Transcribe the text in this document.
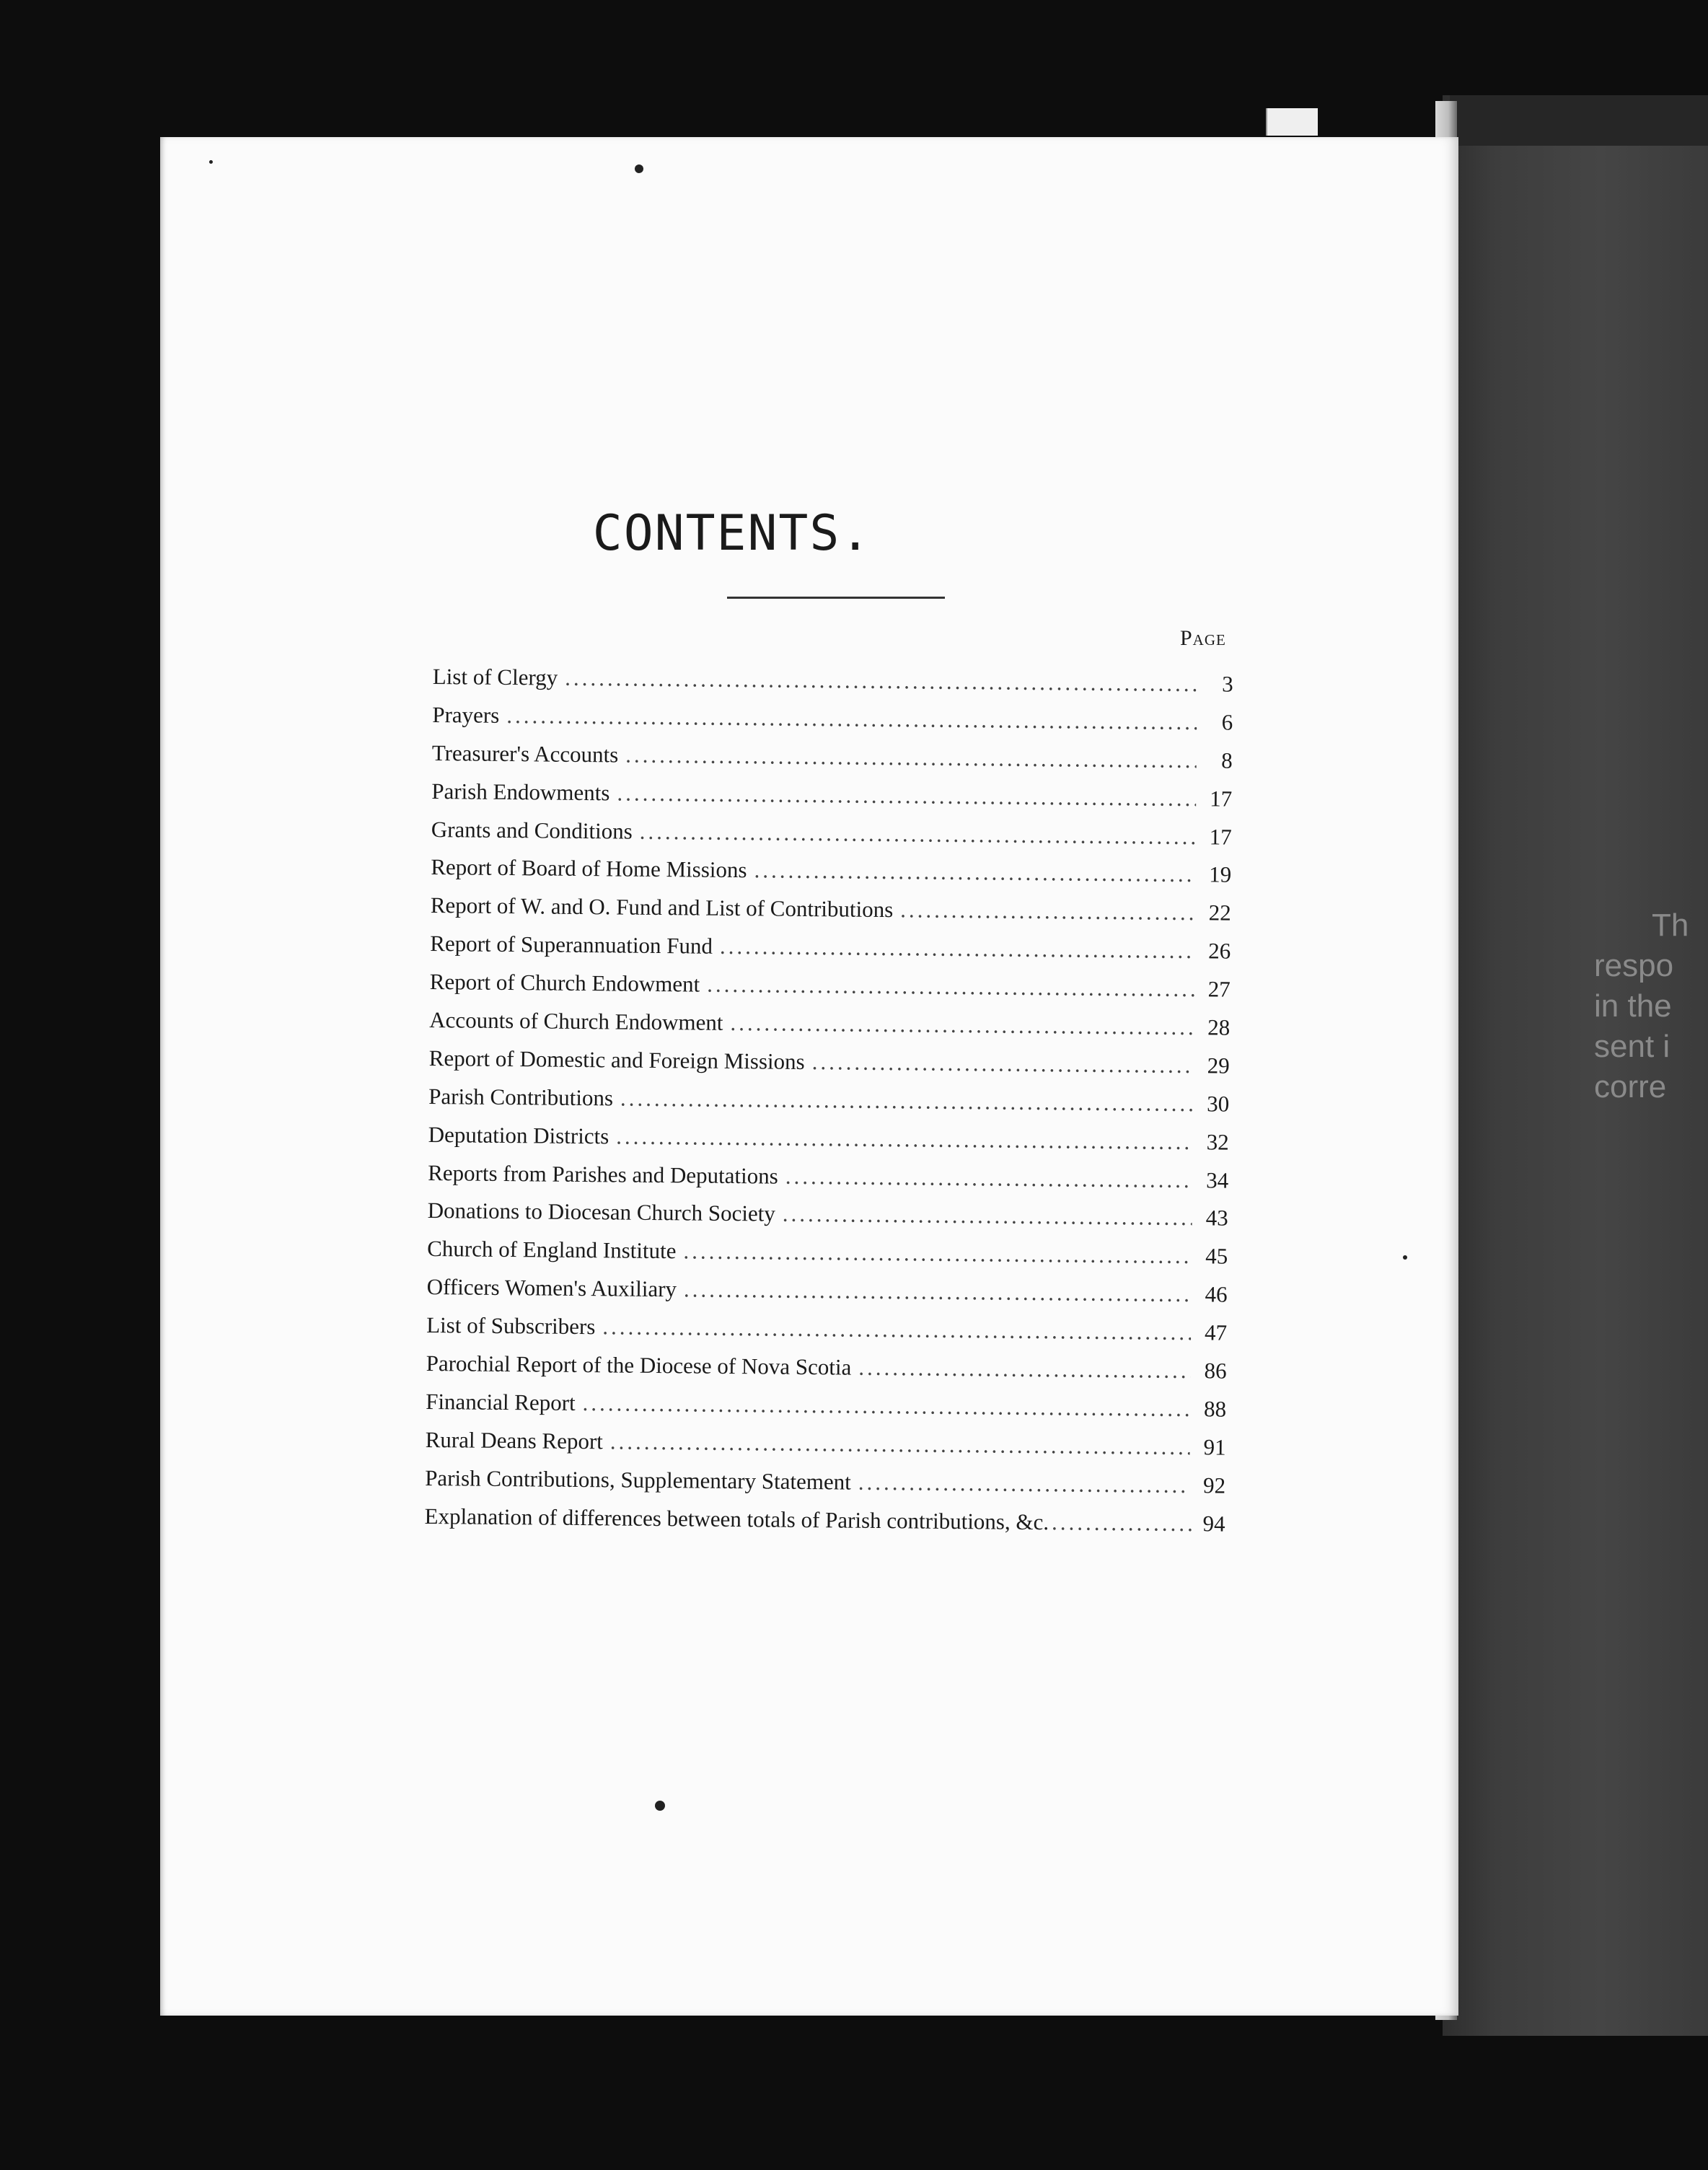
Th
respo
in the
sent i
corre
CONTENTS.
Page
List of Clergy .....	3
Prayers .....	6
Treasurer's Accounts .....	8
Parish Endowments .....	17
Grants and Conditions .....	17
Report of Board of Home Missions .....	19
Report of W. and O. Fund and List of Contributions .....	22
Report of Superannuation Fund .....	26
Report of Church Endowment .....	27
Accounts of Church Endowment .....	28
Report of Domestic and Foreign Missions .....	29
Parish Contributions .....	30
Deputation Districts .....	32
Reports from Parishes and Deputations .....	34
Donations to Diocesan Church Society .....	43
Church of England Institute .....	45
Officers Women's Auxiliary .....	46
List of Subscribers .....	47
Parochial Report of the Diocese of Nova Scotia .....	86
Financial Report .....	88
Rural Deans Report .....	91
Parish Contributions, Supplementary Statement .....	92
Explanation of differences between totals of Parish contributions, &c. .....	94
